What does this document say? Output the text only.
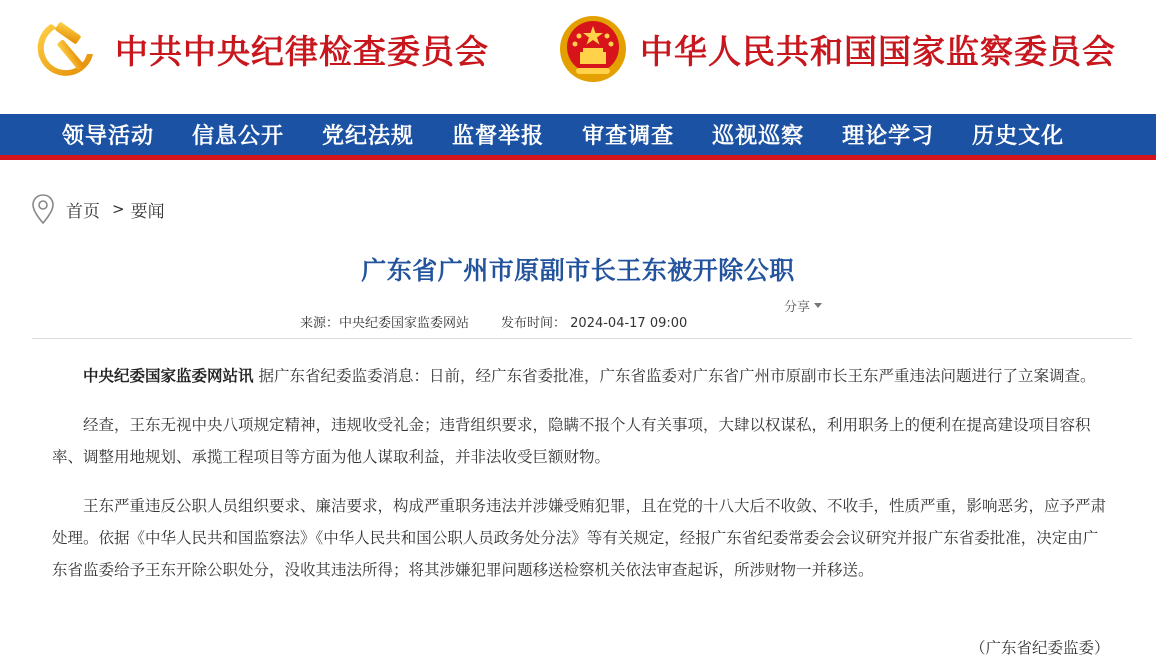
中共中央纪律检查委员会	中华人民共和国国家监察委员会
领导活动 信息公开 党纪法规 监督举报 审查调查 巡视巡察 理论学习 历史文化
首页 > 要闻
广东省广州市原副市长王东被开除公职
分享
来源：中央纪委国家监委网站 发布时间： 2024-04-17 09:00

中央纪委国家监委网站讯 据广东省纪委监委消息：日前，经广东省委批准，广东省监委对广东省广州市原副市长王东严重违法问题进行了立案调查。

经查，王东无视中央八项规定精神，违规收受礼金；违背组织要求，隐瞒不报个人有关事项，大肆以权谋私，利用职务上的便利在提高建设项目容积率、调整用地规划、承揽工程项目等方面为他人谋取利益，并非法收受巨额财物。

王东严重违反公职人员组织要求、廉洁要求，构成严重职务违法并涉嫌受贿犯罪，且在党的十八大后不收敛、不收手，性质严重，影响恶劣，应予严肃处理。依据《中华人民共和国监察法》《中华人民共和国公职人员政务处分法》等有关规定，经报广东省纪委常委会会议研究并报广东省委批准，决定由广东省监委给予王东开除公职处分，没收其违法所得；将其涉嫌犯罪问题移送检察机关依法审查起诉，所涉财物一并移送。

（广东省纪委监委）
